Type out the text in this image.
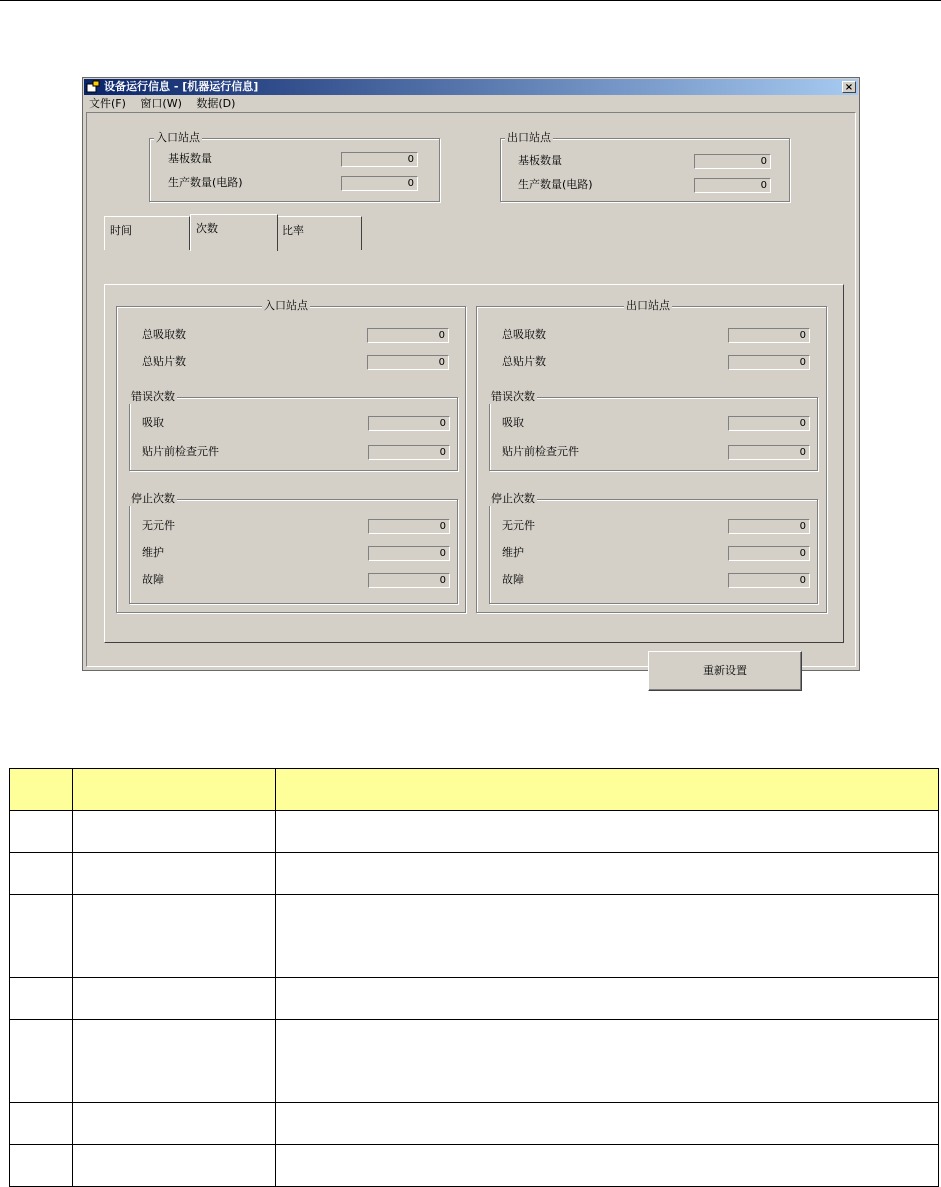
设备运行信息 - [机器运行信息]	×
文件(F) 窗口(W) 数据(D)
入口站点
基板数量	0
生产数量(电路)	0
出口站点
基板数量	0
生产数量(电路)	0
时间	比率
入口站点
总吸取数	0
总贴片数	0
错误次数
吸取	0
贴片前检查元件	0
停止次数
无元件	0
维护	0
故障	0
出口站点
总吸取数	0
总贴片数	0
错误次数
吸取	0
贴片前检查元件	0
停止次数
无元件	0
维护	0
故障	0
次数
重新设置
